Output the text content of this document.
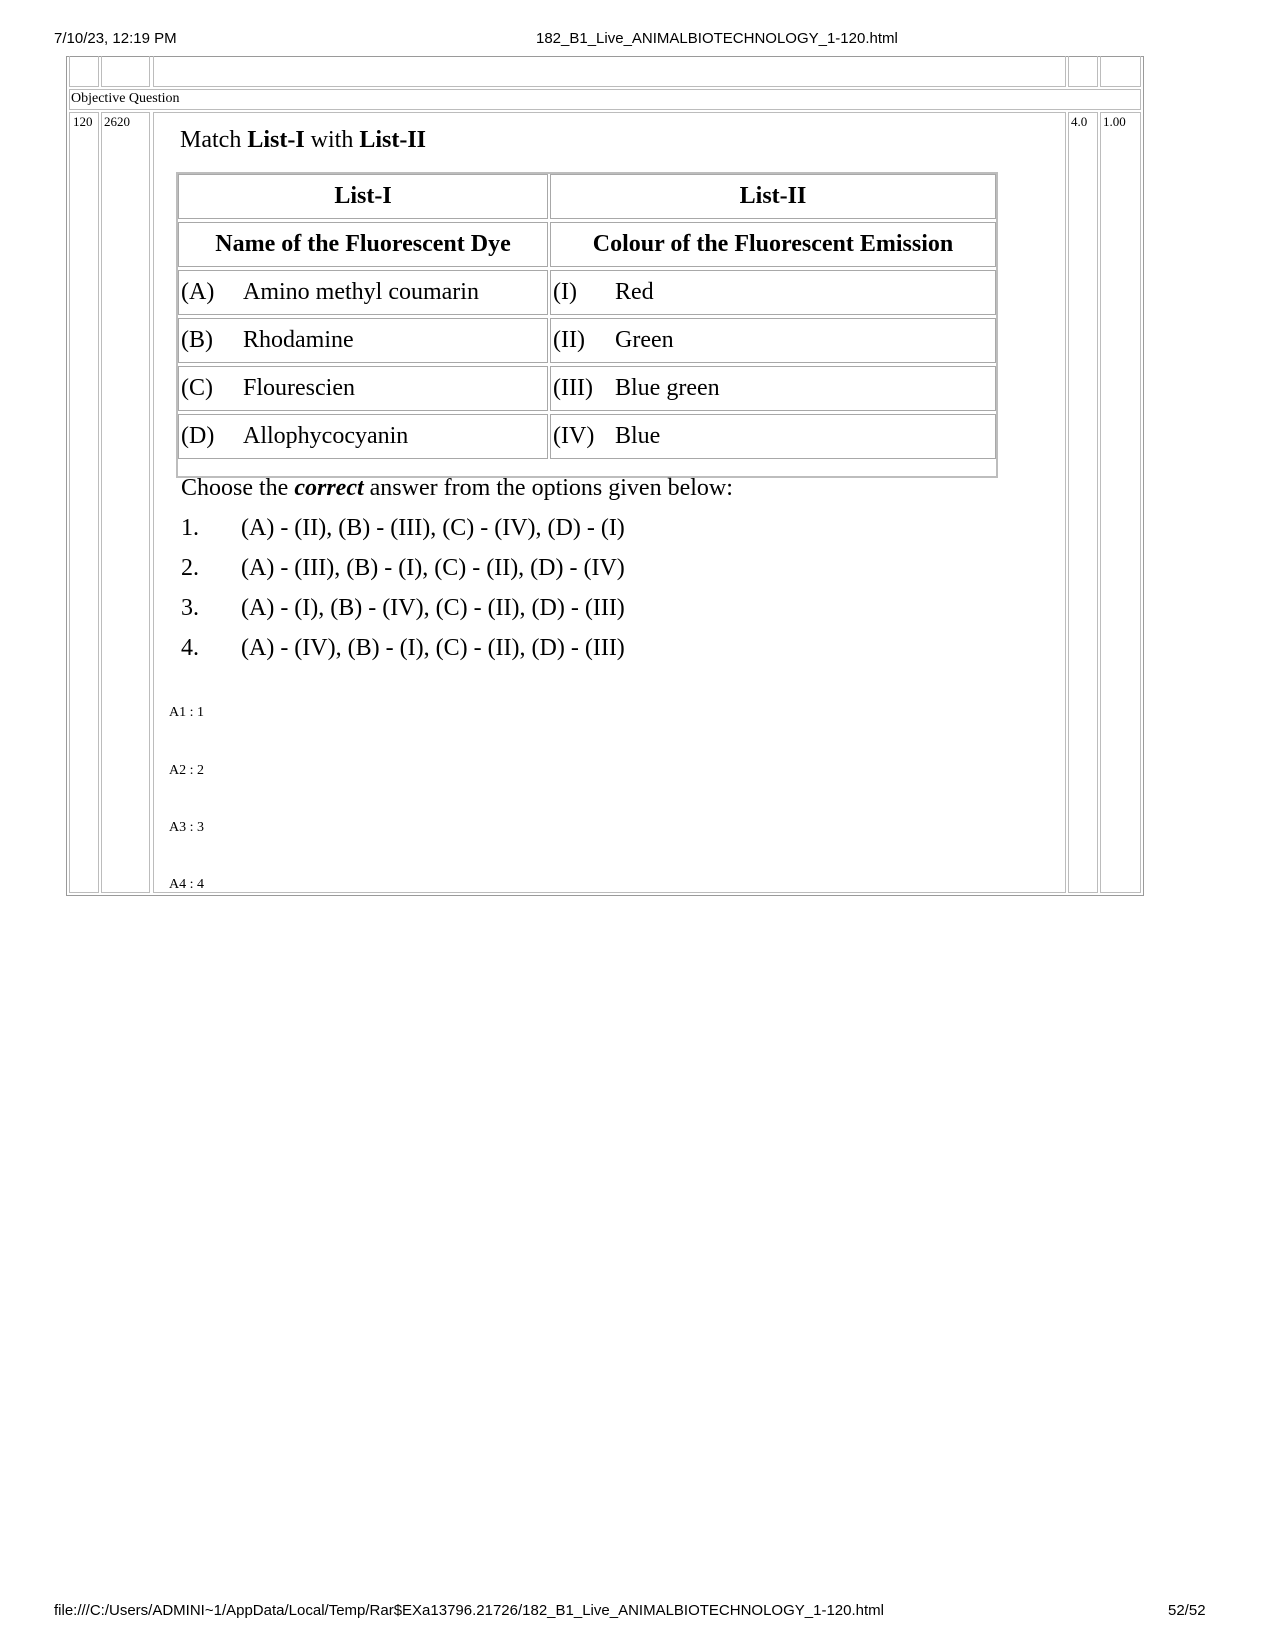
7/10/23, 12:19 PM	182_B1_Live_ANIMALBIOTECHNOLOGY_1-120.html
Objective Question
120 2620	4.0 1.00
Match List-I with List-II
List-I	List-II
Name of the Fluorescent Dye	Colour of the Fluorescent Emission
(A) Amino methyl coumarin	(I) Red
(B) Rhodamine	(II) Green
(C) Flourescien	(III) Blue green
(D) Allophycocyanin	(IV) Blue
Choose the correct answer from the options given below:
1. (A) - (II), (B) - (III), (C) - (IV), (D) - (I)
2. (A) - (III), (B) - (I), (C) - (II), (D) - (IV)
3. (A) - (I), (B) - (IV), (C) - (II), (D) - (III)
4. (A) - (IV), (B) - (I), (C) - (II), (D) - (III)
A1 : 1
A2 : 2
A3 : 3
A4 : 4
file:///C:/Users/ADMINI~1/AppData/Local/Temp/Rar$EXa13796.21726/182_B1_Live_ANIMALBIOTECHNOLOGY_1-120.html	52/52
